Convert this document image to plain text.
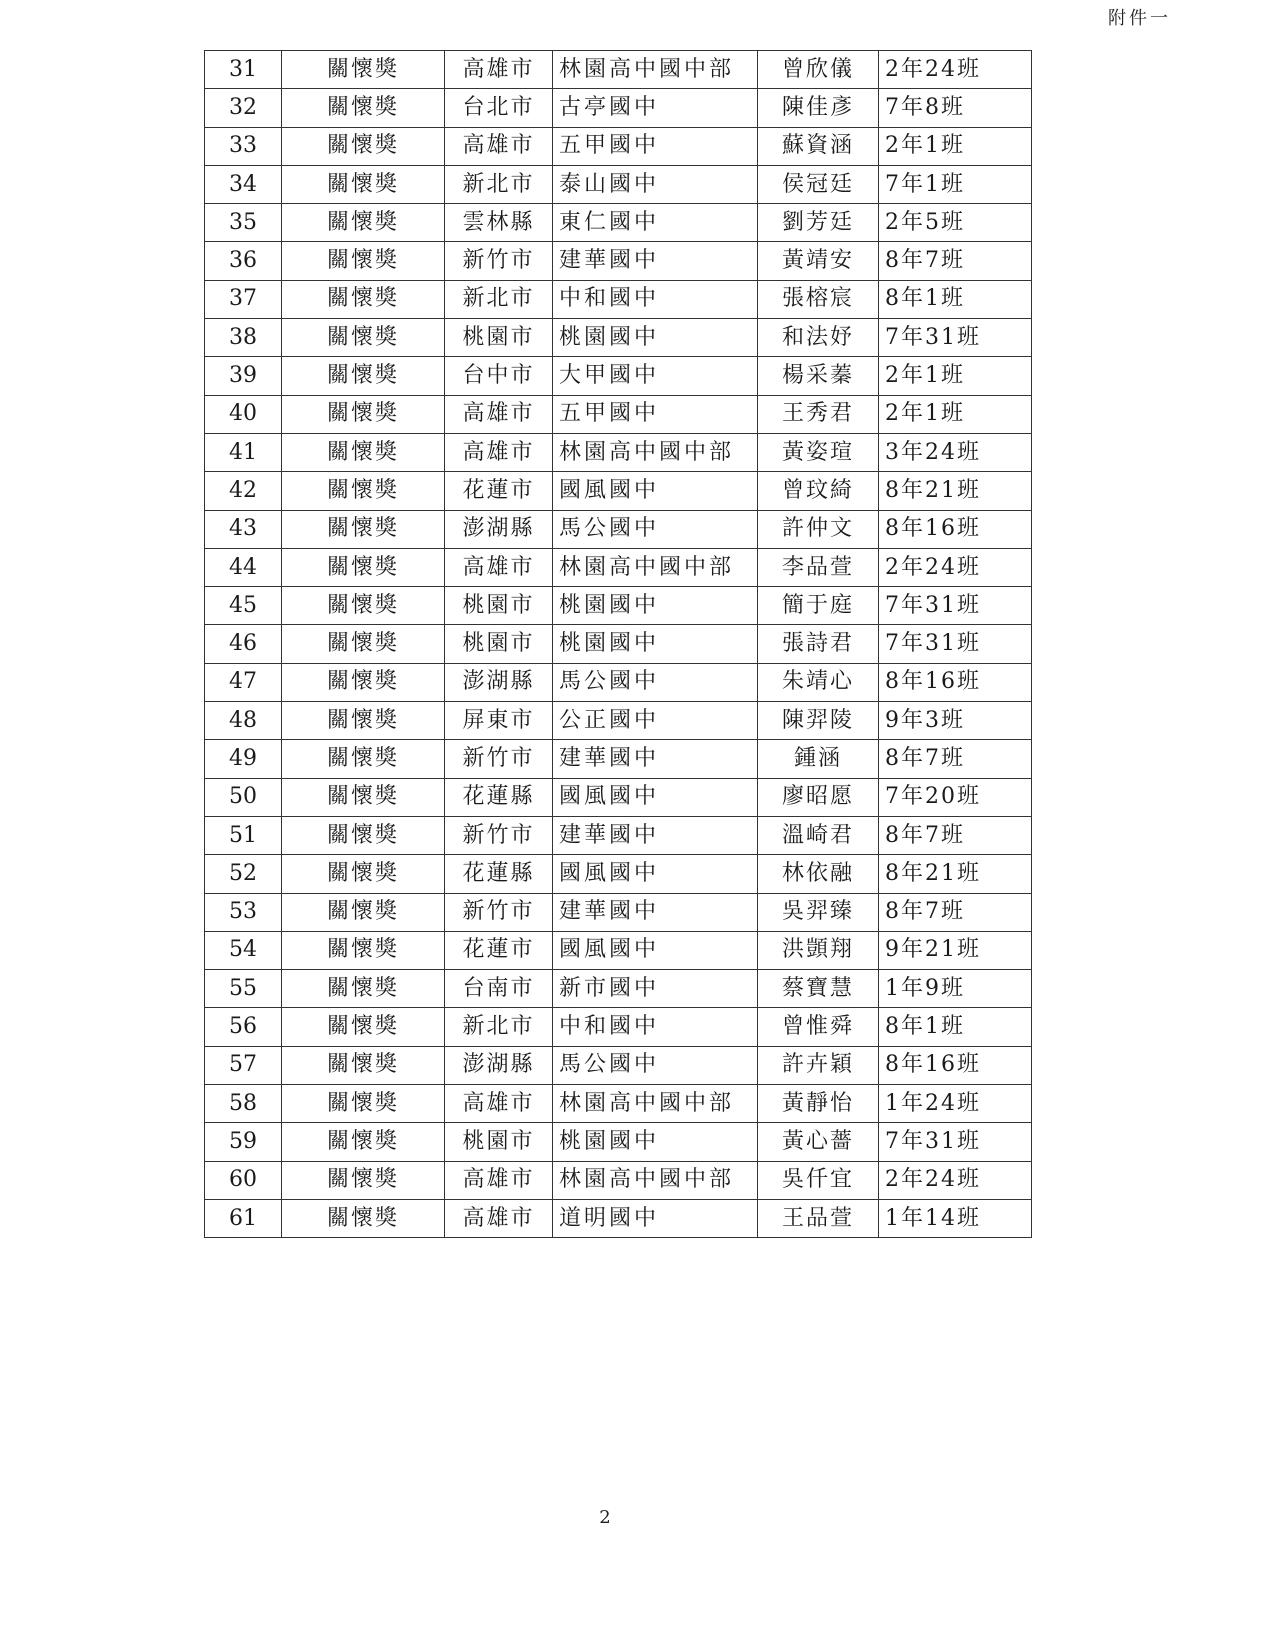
附件一
31	關懷獎	高雄市	林園高中國中部	曾欣儀	2年24班
32	關懷獎	台北市	古亭國中	陳佳彥	7年8班
33	關懷獎	高雄市	五甲國中	蘇資涵	2年1班
34	關懷獎	新北市	泰山國中	侯冠廷	7年1班
35	關懷獎	雲林縣	東仁國中	劉芳廷	2年5班
36	關懷獎	新竹市	建華國中	黃靖安	8年7班
37	關懷獎	新北市	中和國中	張榕宸	8年1班
38	關懷獎	桃園市	桃園國中	和法妤	7年31班
39	關懷獎	台中市	大甲國中	楊采蓁	2年1班
40	關懷獎	高雄市	五甲國中	王秀君	2年1班
41	關懷獎	高雄市	林園高中國中部	黃姿瑄	3年24班
42	關懷獎	花蓮市	國風國中	曾玟綺	8年21班
43	關懷獎	澎湖縣	馬公國中	許仲文	8年16班
44	關懷獎	高雄市	林園高中國中部	李品萱	2年24班
45	關懷獎	桃園市	桃園國中	簡于庭	7年31班
46	關懷獎	桃園市	桃園國中	張詩君	7年31班
47	關懷獎	澎湖縣	馬公國中	朱靖心	8年16班
48	關懷獎	屏東市	公正國中	陳羿陵	9年3班
49	關懷獎	新竹市	建華國中	鍾涵	8年7班
50	關懷獎	花蓮縣	國風國中	廖昭愿	7年20班
51	關懷獎	新竹市	建華國中	溫崎君	8年7班
52	關懷獎	花蓮縣	國風國中	林依融	8年21班
53	關懷獎	新竹市	建華國中	吳羿臻	8年7班
54	關懷獎	花蓮市	國風國中	洪顗翔	9年21班
55	關懷獎	台南市	新市國中	蔡寶慧	1年9班
56	關懷獎	新北市	中和國中	曾惟舜	8年1班
57	關懷獎	澎湖縣	馬公國中	許卉穎	8年16班
58	關懷獎	高雄市	林園高中國中部	黃靜怡	1年24班
59	關懷獎	桃園市	桃園國中	黃心薔	7年31班
60	關懷獎	高雄市	林園高中國中部	吳仟宜	2年24班
61	關懷獎	高雄市	道明國中	王品萱	1年14班
2
